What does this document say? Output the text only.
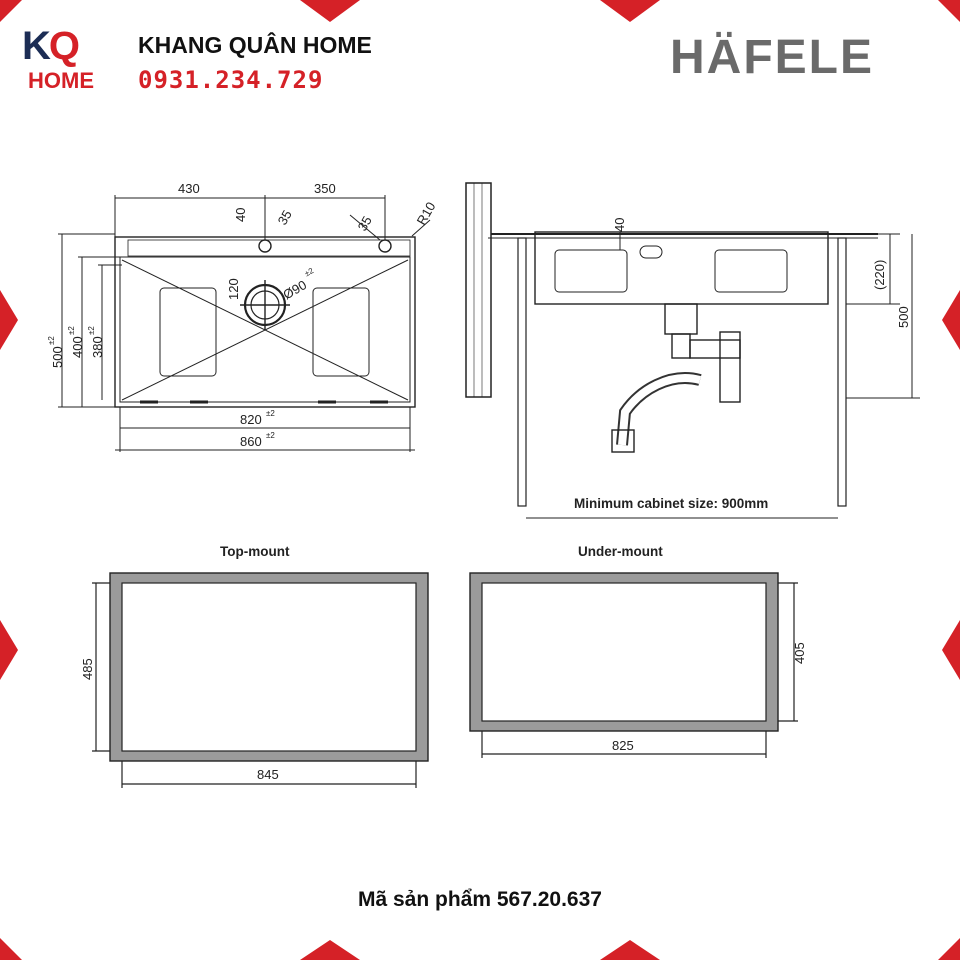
KQ
HOME
KHANG QUÂN HOME
0931.234.729	HÄFELE
430	350
40 35	35	R10
120	Ø90
±2
500
±2 400
±2
380
±2
820 ±2
860 ±2
40
(220)
500
Minimum cabinet size: 900mm
Top-mount
485
845
Under-mount
405
825
Mã sản phẩm 567.20.637
